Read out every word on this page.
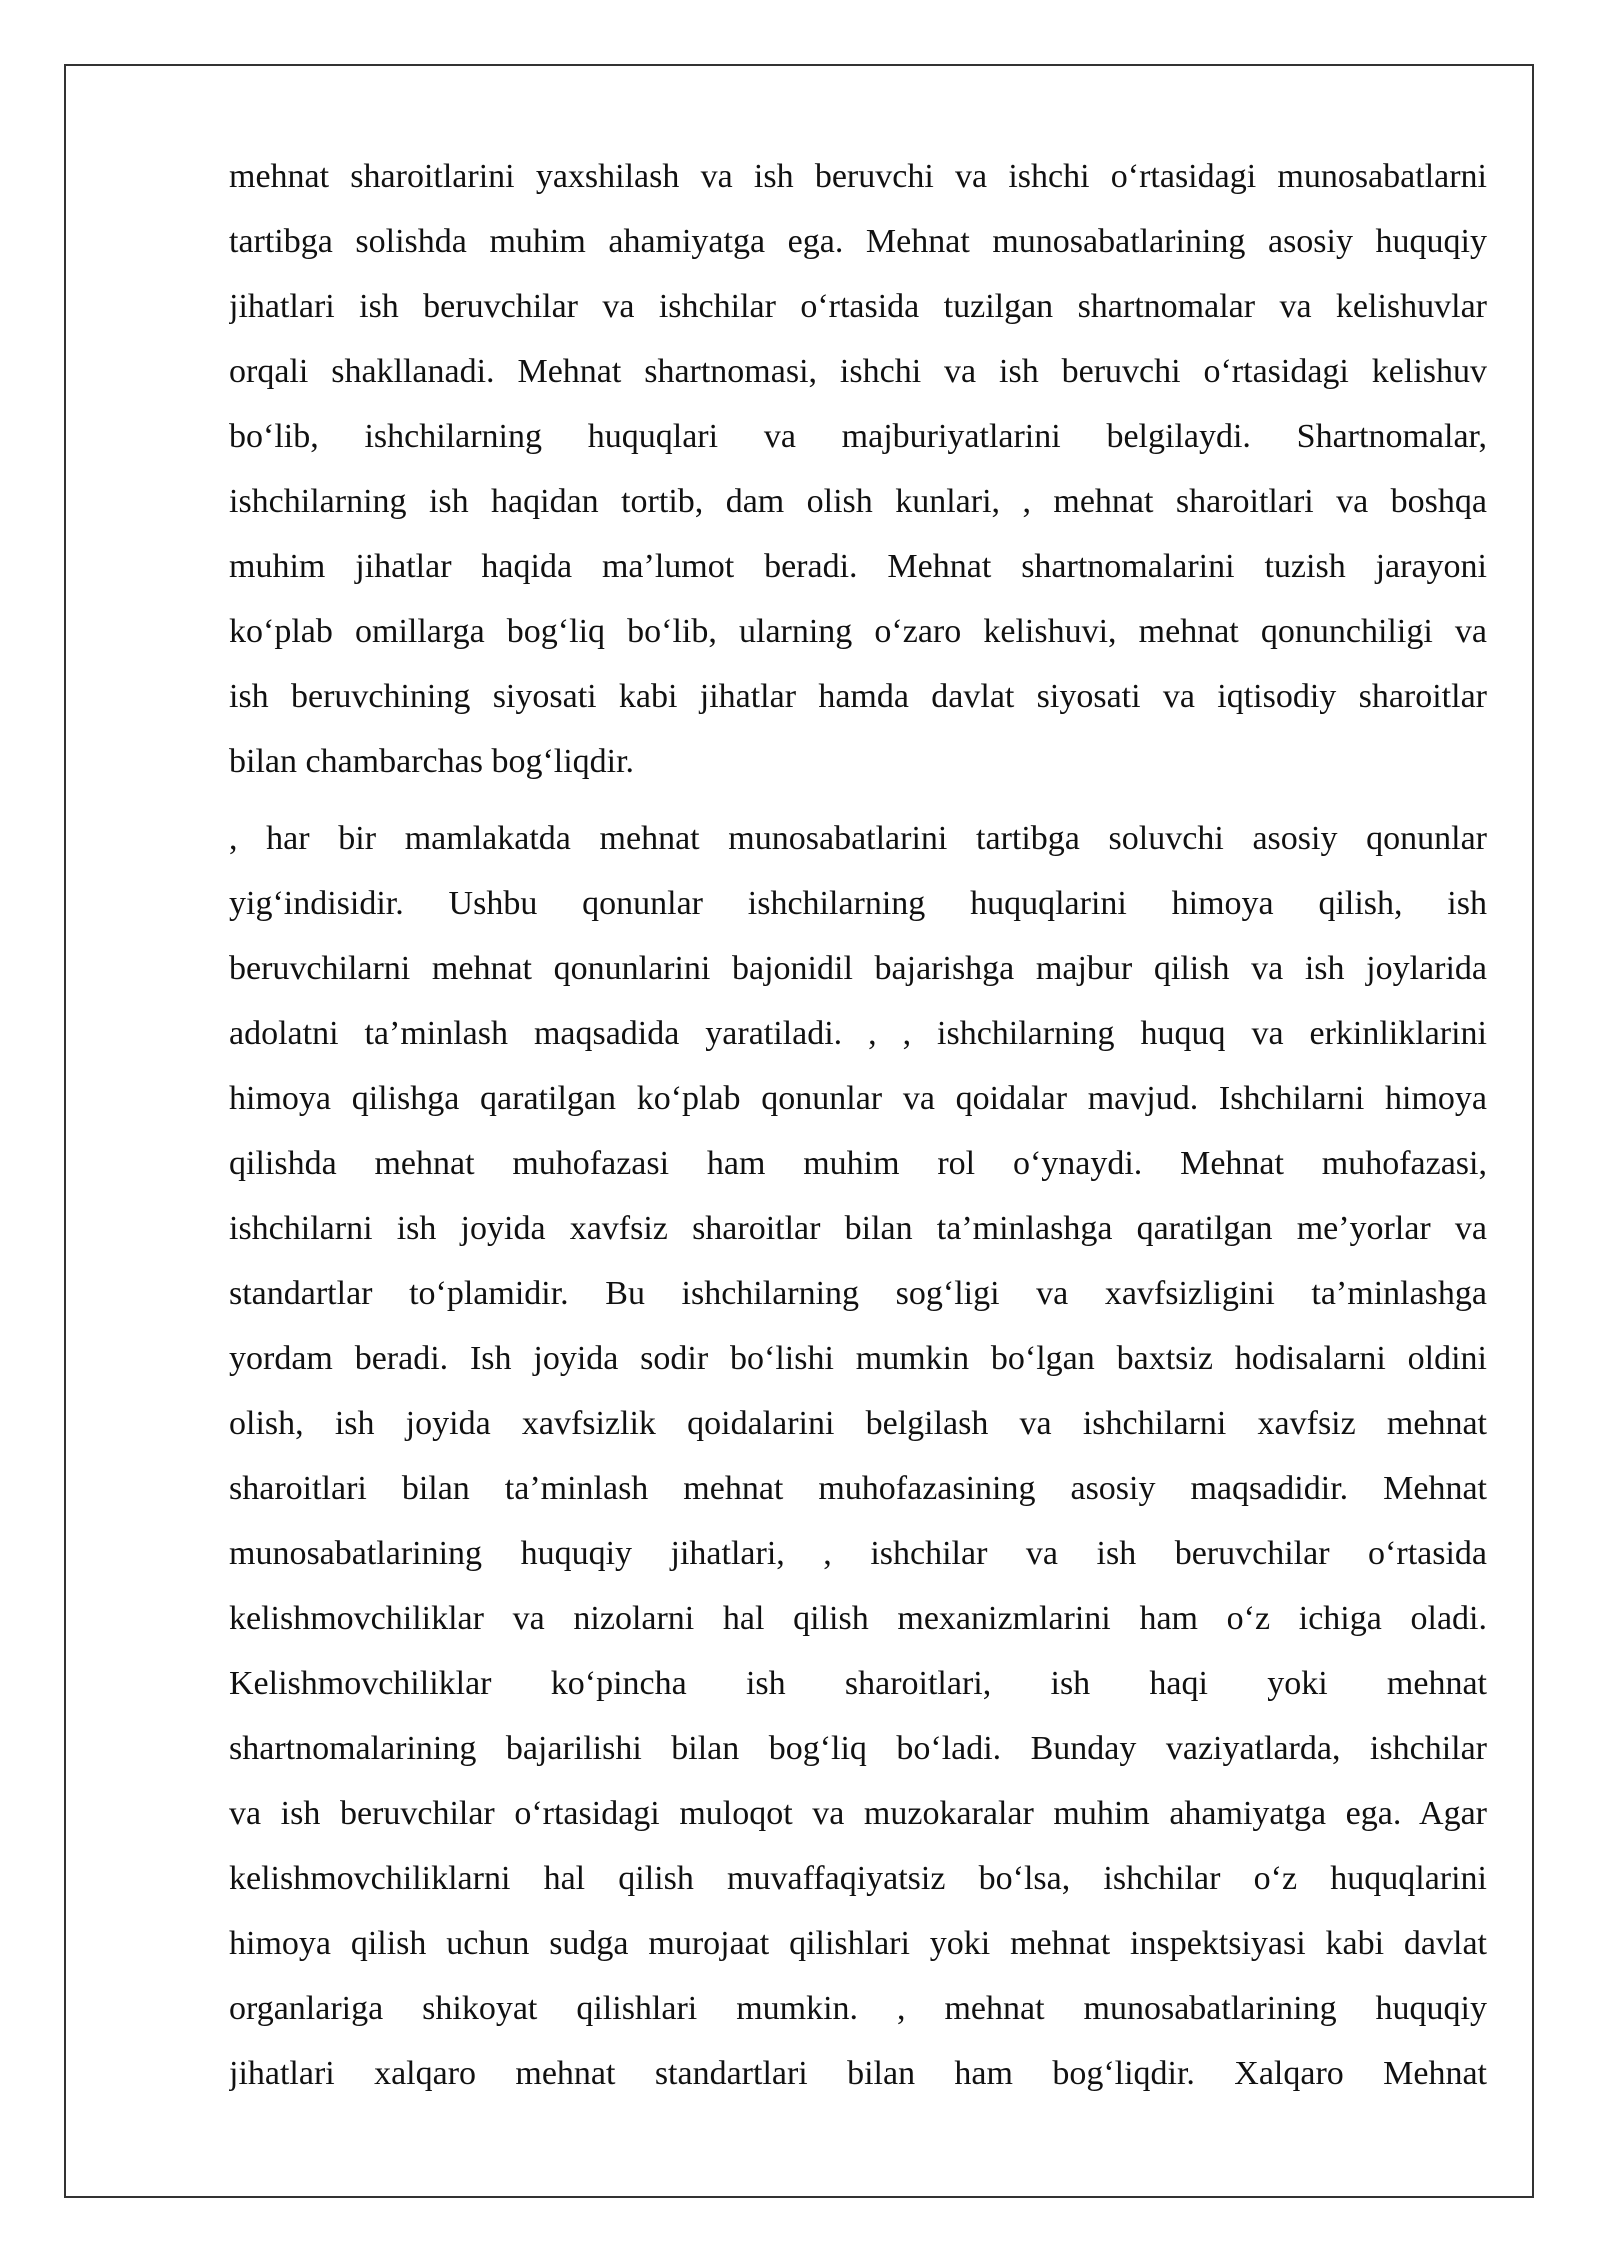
mehnat sharoitlarini yaxshilash va ish beruvchi va ishchi o‘rtasidagi munosabatlarni
tartibga solishda muhim ahamiyatga ega. Mehnat munosabatlarining asosiy huquqiy
jihatlari ish beruvchilar va ishchilar o‘rtasida tuzilgan shartnomalar va kelishuvlar
orqali shakllanadi. Mehnat shartnomasi, ishchi va ish beruvchi o‘rtasidagi kelishuv
bo‘lib, ishchilarning huquqlari va majburiyatlarini belgilaydi. Shartnomalar,
ishchilarning ish haqidan tortib, dam olish kunlari, , mehnat sharoitlari va boshqa
muhim jihatlar haqida ma’lumot beradi. Mehnat shartnomalarini tuzish jarayoni
ko‘plab omillarga bog‘liq bo‘lib, ularning o‘zaro kelishuvi, mehnat qonunchiligi va
ish beruvchining siyosati kabi jihatlar hamda davlat siyosati va iqtisodiy sharoitlar
bilan chambarchas bog‘liqdir.
, har bir mamlakatda mehnat munosabatlarini tartibga soluvchi asosiy qonunlar
yig‘indisidir. Ushbu qonunlar ishchilarning huquqlarini himoya qilish, ish
beruvchilarni mehnat qonunlarini bajonidil bajarishga majbur qilish va ish joylarida
adolatni ta’minlash maqsadida yaratiladi. , , ishchilarning huquq va erkinliklarini
himoya qilishga qaratilgan ko‘plab qonunlar va qoidalar mavjud. Ishchilarni himoya
qilishda mehnat muhofazasi ham muhim rol o‘ynaydi. Mehnat muhofazasi,
ishchilarni ish joyida xavfsiz sharoitlar bilan ta’minlashga qaratilgan me’yorlar va
standartlar to‘plamidir. Bu ishchilarning sog‘ligi va xavfsizligini ta’minlashga
yordam beradi. Ish joyida sodir bo‘lishi mumkin bo‘lgan baxtsiz hodisalarni oldini
olish, ish joyida xavfsizlik qoidalarini belgilash va ishchilarni xavfsiz mehnat
sharoitlari bilan ta’minlash mehnat muhofazasining asosiy maqsadidir. Mehnat
munosabatlarining huquqiy jihatlari, , ishchilar va ish beruvchilar o‘rtasida
kelishmovchiliklar va nizolarni hal qilish mexanizmlarini ham o‘z ichiga oladi.
Kelishmovchiliklar ko‘pincha ish sharoitlari, ish haqi yoki mehnat
shartnomalarining bajarilishi bilan bog‘liq bo‘ladi. Bunday vaziyatlarda, ishchilar
va ish beruvchilar o‘rtasidagi muloqot va muzokaralar muhim ahamiyatga ega. Agar
kelishmovchiliklarni hal qilish muvaffaqiyatsiz bo‘lsa, ishchilar o‘z huquqlarini
himoya qilish uchun sudga murojaat qilishlari yoki mehnat inspektsiyasi kabi davlat
organlariga shikoyat qilishlari mumkin. , mehnat munosabatlarining huquqiy
jihatlari xalqaro mehnat standartlari bilan ham bog‘liqdir. Xalqaro Mehnat
